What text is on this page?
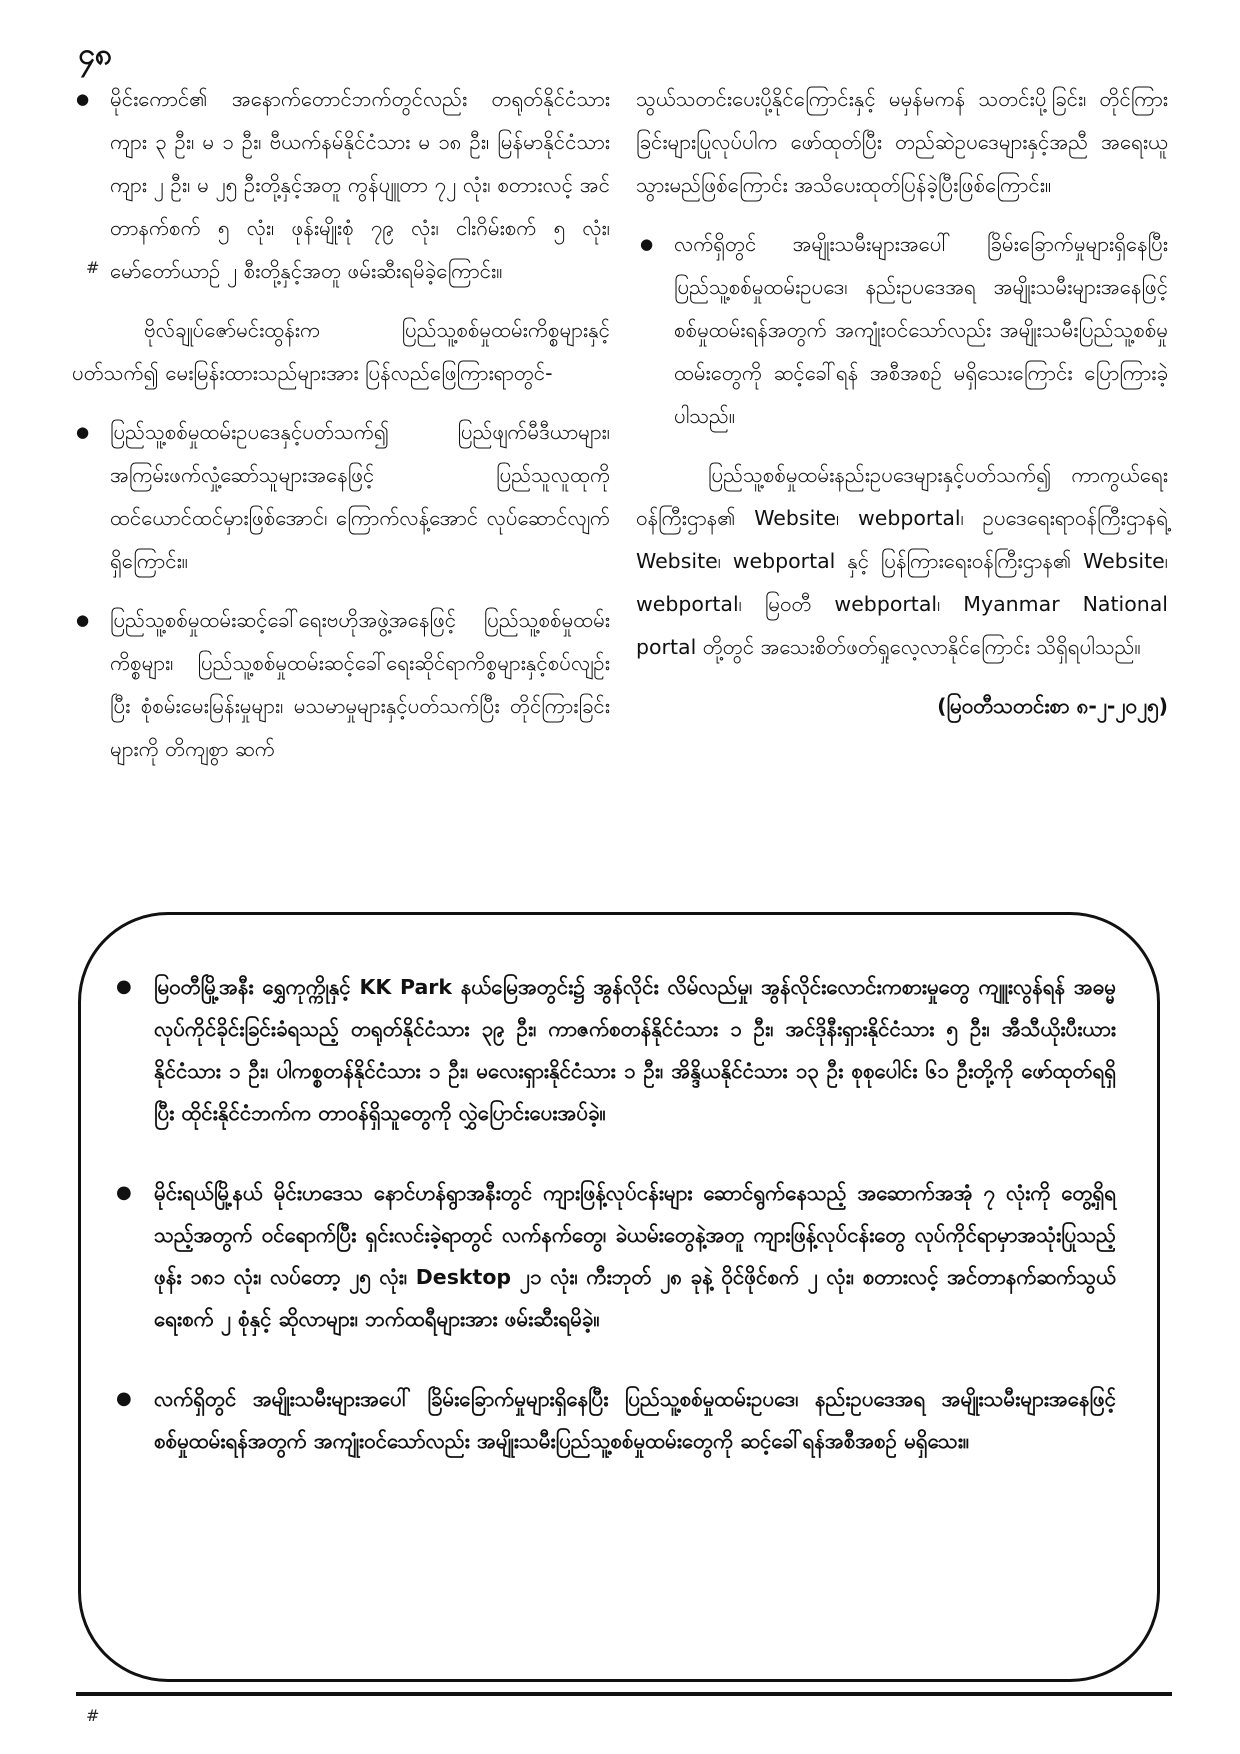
၄၈
#

● မိုင်းကောင်၏ အနောက်တောင်ဘက်တွင်လည်း တရုတ်နိုင်ငံသား ကျား ၃ ဦး၊ မ ၁ ဦး၊ ဗီယက်နမ်နိုင်ငံသား မ ၁၈ ဦး၊ မြန်မာနိုင်ငံသား ကျား ၂ ဦး၊ မ ၂၅ ဦးတို့နှင့်အတူ ကွန်ပျူတာ ၇၂ လုံး၊ စတားလင့် အင်တာနက်စက် ၅ လုံး၊ ဖုန်းမျိုးစုံ ၇၉ လုံး၊ ငါးဂိမ်းစက် ၅ လုံး၊ မော်တော်ယာဉ် ၂ စီးတို့နှင့်အတူ ဖမ်းဆီးရမိခဲ့ကြောင်း။

ဗိုလ်ချုပ်ဇော်မင်းထွန်းက ပြည်သူ့စစ်မှုထမ်းကိစ္စများနှင့်ပတ်သက်၍ မေးမြန်းထားသည်များအား ပြန်လည်ဖြေကြားရာတွင်-

● ပြည်သူ့စစ်မှုထမ်းဥပဒေနှင့်ပတ်သက်၍ ပြည်ဖျက်မီဒီယာများ၊ အကြမ်းဖက်လှုံ့ဆော်သူများအနေဖြင့် ပြည်သူလူထုကို ထင်ယောင်ထင်မှားဖြစ်အောင်၊ ကြောက်လန့်အောင် လုပ်ဆောင်လျက်ရှိကြောင်း။

● ပြည်သူ့စစ်မှုထမ်းဆင့်ခေါ်ရေးဗဟိုအဖွဲ့အနေဖြင့် ပြည်သူ့စစ်မှုထမ်းကိစ္စများ၊ ပြည်သူ့စစ်မှုထမ်းဆင့်ခေါ်ရေးဆိုင်ရာကိစ္စများနှင့်စပ်လျဉ်းပြီး စုံစမ်းမေးမြန်းမှုများ၊ မသမာမှုများနှင့်ပတ်သက်ပြီး တိုင်ကြားခြင်းများကို တိကျစွာ ဆက်

သွယ်သတင်းပေးပို့နိုင်ကြောင်းနှင့် မမှန်မကန် သတင်းပို့ခြင်း၊ တိုင်ကြားခြင်းများပြုလုပ်ပါက ဖော်ထုတ်ပြီး တည်ဆဲဥပဒေများနှင့်အညီ အရေးယူသွားမည်ဖြစ်ကြောင်း အသိပေးထုတ်ပြန်ခဲ့ပြီးဖြစ်ကြောင်း။

● လက်ရှိတွင် အမျိုးသမီးများအပေါ် ခြိမ်းခြောက်မှုများရှိနေပြီး ပြည်သူ့စစ်မှုထမ်းဥပဒေ၊ နည်းဥပဒေအရ အမျိုးသမီးများအနေဖြင့် စစ်မှုထမ်းရန်အတွက် အကျုံးဝင်သော်လည်း အမျိုးသမီးပြည်သူ့စစ်မှုထမ်းတွေကို ဆင့်ခေါ်ရန် အစီအစဉ် မရှိသေးကြောင်း ပြောကြားခဲ့ပါသည်။

ပြည်သူ့စစ်မှုထမ်းနည်းဥပဒေများနှင့်ပတ်သက်၍ ကာကွယ်ရေးဝန်ကြီးဌာန၏ Website၊ webportal၊ ဥပဒေရေးရာဝန်ကြီးဌာနရဲ့ Website၊ webportal နှင့် ပြန်ကြားရေးဝန်ကြီးဌာန၏ Website၊ webportal၊ မြဝတီ webportal၊ Myanmar National portal တို့တွင် အသေးစိတ်ဖတ်ရှုလေ့လာနိုင်ကြောင်း သိရှိရပါသည်။

(မြဝတီသတင်းစာ ၈-၂-၂၀၂၅)

● မြဝတီမြို့အနီး ရွှေကုက္ကိုနှင့် KK Park နယ်မြေအတွင်း၌ အွန်လိုင်း လိမ်လည်မှု၊ အွန်လိုင်းလောင်းကစားမှုတွေ ကျူးလွန်ရန် အဓမ္မလုပ်ကိုင်ခိုင်းခြင်းခံရသည့် တရုတ်နိုင်ငံသား ၃၉ ဦး၊ ကာဇက်စတန်နိုင်ငံသား ၁ ဦး၊ အင်ဒိုနီးရှားနိုင်ငံသား ၅ ဦး၊ အီသီယိုးပီးယားနိုင်ငံသား ၁ ဦး၊ ပါကစ္စတန်နိုင်ငံသား ၁ ဦး၊ မလေးရှားနိုင်ငံသား ၁ ဦး၊ အိန္ဒိယနိုင်ငံသား ၁၃ ဦး စုစုပေါင်း ၆၁ ဦးတို့ကို ဖော်ထုတ်ရရှိပြီး ထိုင်းနိုင်ငံဘက်က တာဝန်ရှိသူတွေကို လွှဲပြောင်းပေးအပ်ခဲ့။

● မိုင်းရယ်မြို့နယ် မိုင်းဟဒေသ နောင်ဟန်ရွာအနီးတွင် ကျားဖြန့်လုပ်ငန်းများ ဆောင်ရွက်နေသည့် အဆောက်အအုံ ၇ လုံးကို တွေ့ရှိရသည့်အတွက် ဝင်ရောက်ပြီး ရှင်းလင်းခဲ့ရာတွင် လက်နက်တွေ၊ ခဲယမ်းတွေနဲ့အတူ ကျားဖြန့်လုပ်ငန်းတွေ လုပ်ကိုင်ရာမှာအသုံးပြုသည့် ဖုန်း ၁၈၁ လုံး၊ လပ်တော့ ၂၅ လုံး၊ Desktop ၂၁ လုံး၊ ကီးဘုတ် ၂၈ ခုနဲ့ ဝိုင်ဖိုင်စက် ၂ လုံး၊ စတားလင့် အင်တာနက်ဆက်သွယ်ရေးစက် ၂ စုံနှင့် ဆိုလာများ၊ ဘက်ထရီများအား ဖမ်းဆီးရမိခဲ့။

● လက်ရှိတွင် အမျိုးသမီးများအပေါ် ခြိမ်းခြောက်မှုများရှိနေပြီး ပြည်သူ့စစ်မှုထမ်းဥပဒေ၊ နည်းဥပဒေအရ အမျိုးသမီးများအနေဖြင့် စစ်မှုထမ်းရန်အတွက် အကျုံးဝင်သော်လည်း အမျိုးသမီးပြည်သူ့စစ်မှုထမ်းတွေကို ဆင့်ခေါ်ရန်အစီအစဉ် မရှိသေး။

#
